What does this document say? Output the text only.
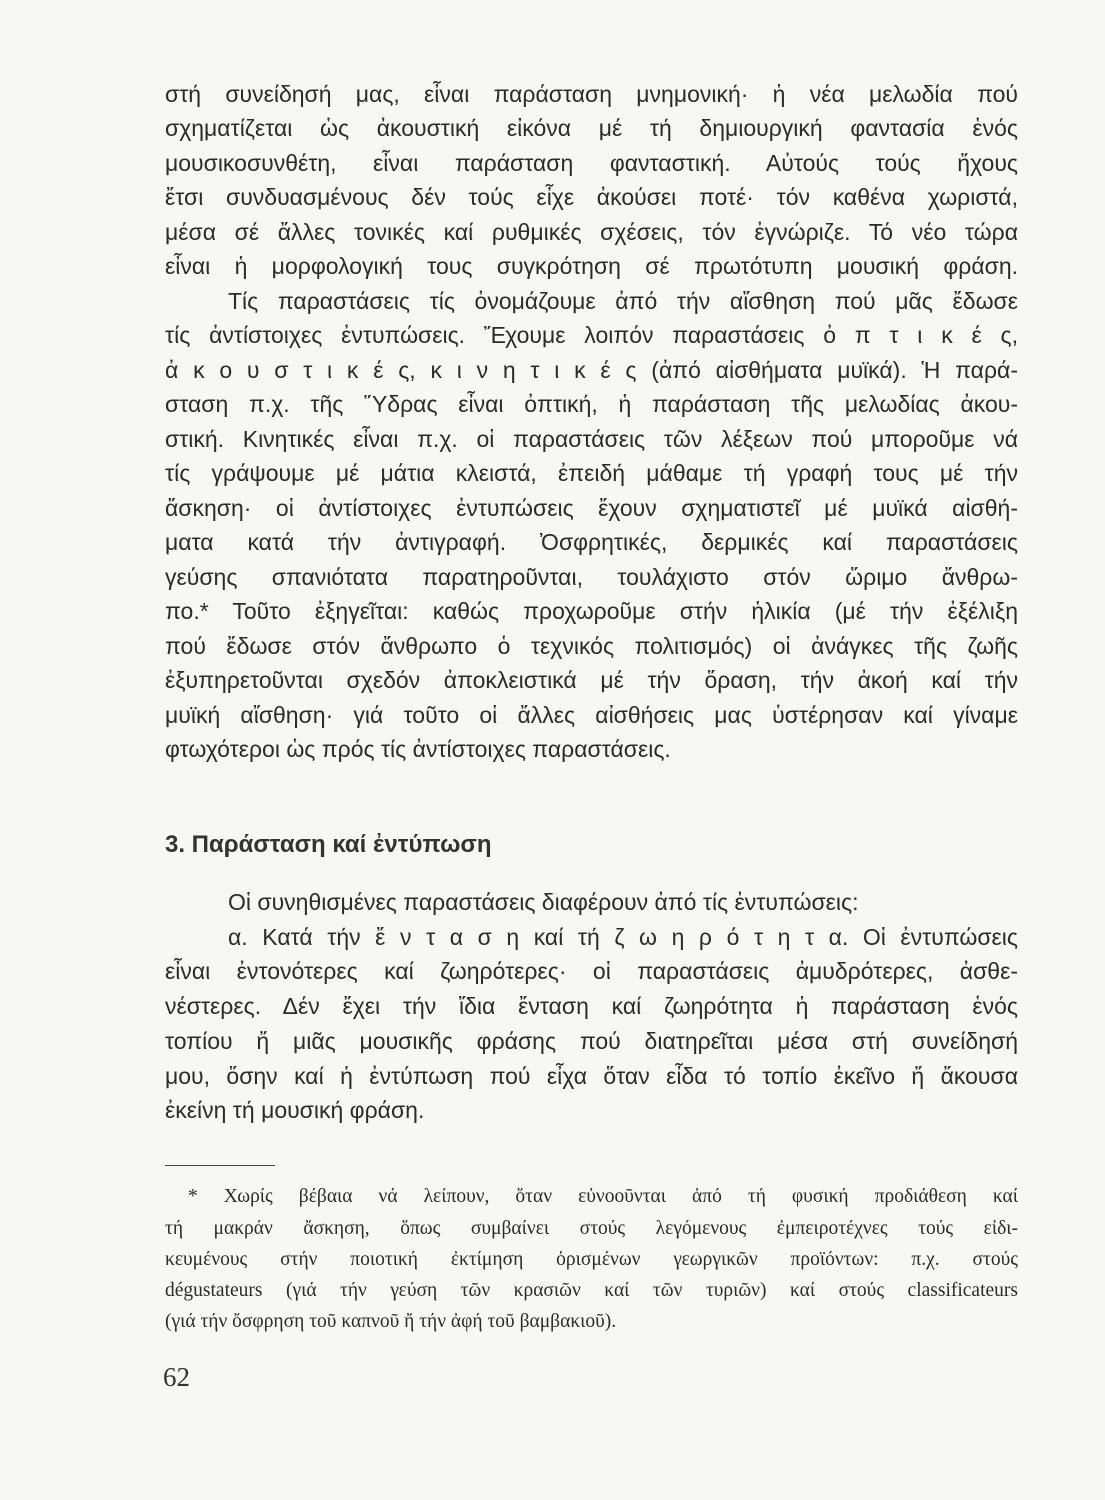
στή συνείδησή μας, εἶναι παράσταση μνημονική· ἡ νέα μελωδία πού
σχηματίζεται ὡς ἀκουστική εἰκόνα μέ τή δημιουργική φαντασία ἑνός
μουσικοσυνθέτη, εἶναι παράσταση φανταστική. Αὐτούς τούς ἤχους
ἔτσι συνδυασμένους δέν τούς εἶχε ἀκούσει ποτέ· τόν καθένα χωριστά,
μέσα σέ ἄλλες τονικές καί ρυθμικές σχέσεις, τόν ἐγνώριζε. Τό νέο τώρα
εἶναι ἡ μορφολογική τους συγκρότηση σέ πρωτότυπη μουσική φράση.
Τίς παραστάσεις τίς ὀνομάζουμε ἀπό τήν αἴσθηση πού μᾶς ἔδωσε
τίς ἀντίστοιχες ἐντυπώσεις. Ἔχουμε λοιπόν παραστάσεις ὀ π τ ι κ έ ς,
ἀ κ ο υ σ τ ι κ έ ς, κ ι ν η τ ι κ έ ς (ἀπό αἰσθήματα μυϊκά). Ἡ παρά-
σταση π.χ. τῆς Ὕδρας εἶναι ὀπτική, ἡ παράσταση τῆς μελωδίας ἀκου-
στική. Κινητικές εἶναι π.χ. οἱ παραστάσεις τῶν λέξεων πού μποροῦμε νά
τίς γράψουμε μέ μάτια κλειστά, ἐπειδή μάθαμε τή γραφή τους μέ τήν
ἄσκηση· οἱ ἀντίστοιχες ἐντυπώσεις ἔχουν σχηματιστεῖ μέ μυϊκά αἰσθή-
ματα κατά τήν ἀντιγραφή. Ὀσφρητικές, δερμικές καί παραστάσεις
γεύσης σπανιότατα παρατηροῦνται, τουλάχιστο στόν ὥριμο ἄνθρω-
πο.* Τοῦτο ἐξηγεῖται: καθώς προχωροῦμε στήν ἡλικία (μέ τήν ἐξέλιξη
πού ἔδωσε στόν ἄνθρωπο ὁ τεχνικός πολιτισμός) οἱ ἀνάγκες τῆς ζωῆς
ἐξυπηρετοῦνται σχεδόν ἀποκλειστικά μέ τήν ὅραση, τήν ἀκοή καί τήν
μυϊκή αἴσθηση· γιά τοῦτο οἱ ἄλλες αἰσθήσεις μας ὑστέρησαν καί γίναμε
φτωχότεροι ὡς πρός τίς ἀντίστοιχες παραστάσεις.
3. Παράσταση καί ἐντύπωση
Οἱ συνηθισμένες παραστάσεις διαφέρουν ἀπό τίς ἐντυπώσεις:
α. Κατά τήν ἔ ν τ α σ η καί τή ζ ω η ρ ό τ η τ α. Οἱ ἐντυπώσεις
εἶναι ἐντονότερες καί ζωηρότερες· οἱ παραστάσεις ἀμυδρότερες, ἀσθε-
νέστερες. Δέν ἔχει τήν ἴδια ἔνταση καί ζωηρότητα ἡ παράσταση ἑνός
τοπίου ἤ μιᾶς μουσικῆς φράσης πού διατηρεῖται μέσα στή συνείδησή
μου, ὅσην καί ἡ ἐντύπωση πού εἶχα ὅταν εἶδα τό τοπίο ἐκεῖνο ἤ ἄκουσα
ἐκείνη τή μουσική φράση.
* Χωρίς βέβαια νά λείπουν, ὅταν εὐνοοῦνται ἀπό τή φυσική προδιάθεση καί
τή μακράν ἄσκηση, ὅπως συμβαίνει στούς λεγόμενους ἐμπειροτέχνες τούς εἰδι-
κευμένους στήν ποιοτική ἐκτίμηση ὁρισμένων γεωργικῶν προϊόντων: π.χ. στούς
dégustateurs (γιά τήν γεύση τῶν κρασιῶν καί τῶν τυριῶν) καί στούς classificateurs
(γιά τήν ὄσφρηση τοῦ καπνοῦ ἤ τήν ἀφή τοῦ βαμβακιοῦ).
62
